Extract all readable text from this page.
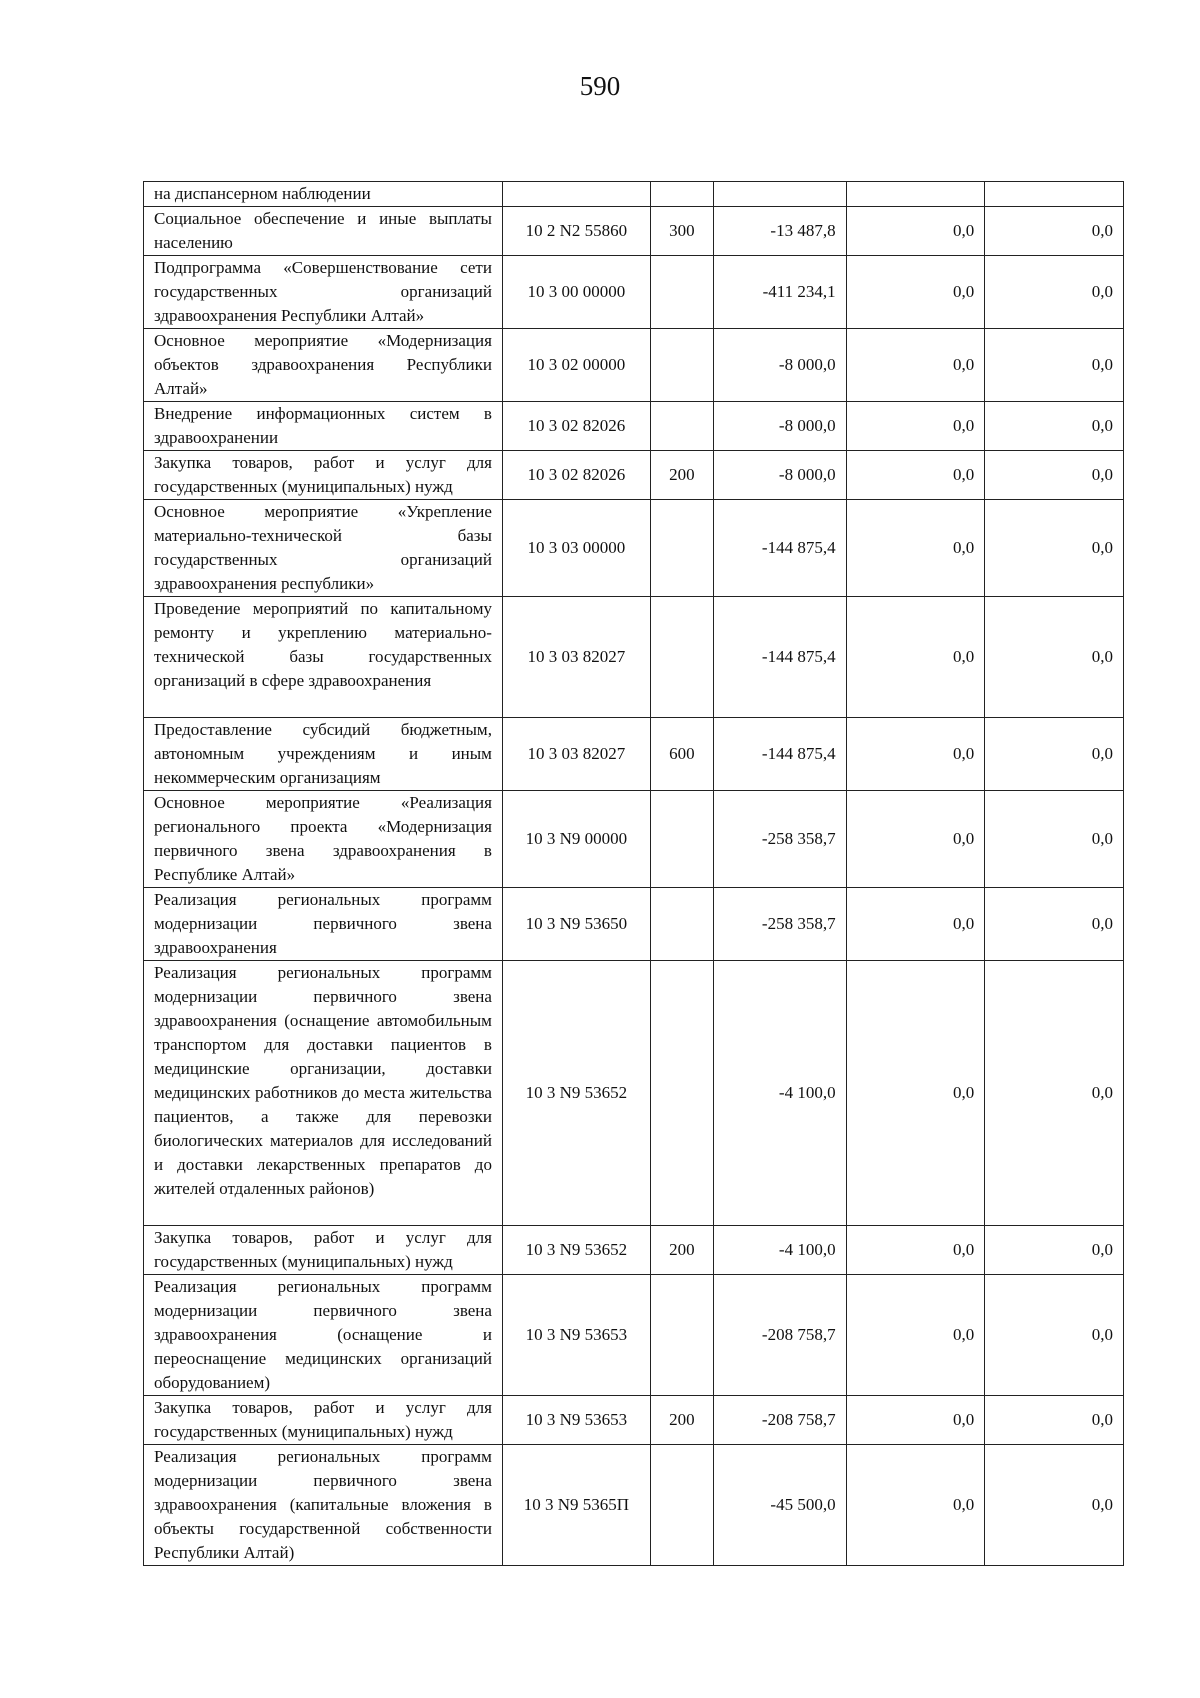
590
на диспансерном наблюдении					
Социальное обеспечение и иные выплаты населению	10 2 N2 55860	300	-13 487,8	0,0	0,0
Подпрограмма «Совершенствование сети государственных организаций здравоохранения Республики Алтай»	10 3 00 00000		-411 234,1	0,0	0,0
Основное мероприятие «Модернизация объектов здравоохранения Республики Алтай»	10 3 02 00000		-8 000,0	0,0	0,0
Внедрение информационных систем в здравоохранении	10 3 02 82026		-8 000,0	0,0	0,0
Закупка товаров, работ и услуг для государственных (муниципальных) нужд	10 3 02 82026	200	-8 000,0	0,0	0,0
Основное мероприятие «Укрепление материально-технической базы государственных организаций здравоохранения республики»	10 3 03 00000		-144 875,4	0,0	0,0
Проведение мероприятий по капитальному ремонту и укреплению материально-технической базы государственных организаций в сфере здравоохранения	10 3 03 82027		-144 875,4	0,0	0,0
Предоставление субсидий бюджетным, автономным учреждениям и иным некоммерческим организациям	10 3 03 82027	600	-144 875,4	0,0	0,0
Основное мероприятие «Реализация регионального проекта «Модернизация первичного звена здравоохранения в Республике Алтай»	10 3 N9 00000		-258 358,7	0,0	0,0
Реализация региональных программ модернизации первичного звена здравоохранения	10 3 N9 53650		-258 358,7	0,0	0,0
Реализация региональных программ модернизации первичного звена здравоохранения (оснащение автомобильным транспортом для доставки пациентов в медицинские организации, доставки медицинских работников до места жительства пациентов, а также для перевозки биологических материалов для исследований и доставки лекарственных препаратов до жителей отдаленных районов)	10 3 N9 53652		-4 100,0	0,0	0,0
Закупка товаров, работ и услуг для государственных (муниципальных) нужд	10 3 N9 53652	200	-4 100,0	0,0	0,0
Реализация региональных программ модернизации первичного звена здравоохранения (оснащение и переоснащение медицинских организаций оборудованием)	10 3 N9 53653		-208 758,7	0,0	0,0
Закупка товаров, работ и услуг для государственных (муниципальных) нужд	10 3 N9 53653	200	-208 758,7	0,0	0,0
Реализация региональных программ модернизации первичного звена здравоохранения (капитальные вложения в объекты государственной собственности Республики Алтай)	10 3 N9 5365П		-45 500,0	0,0	0,0
